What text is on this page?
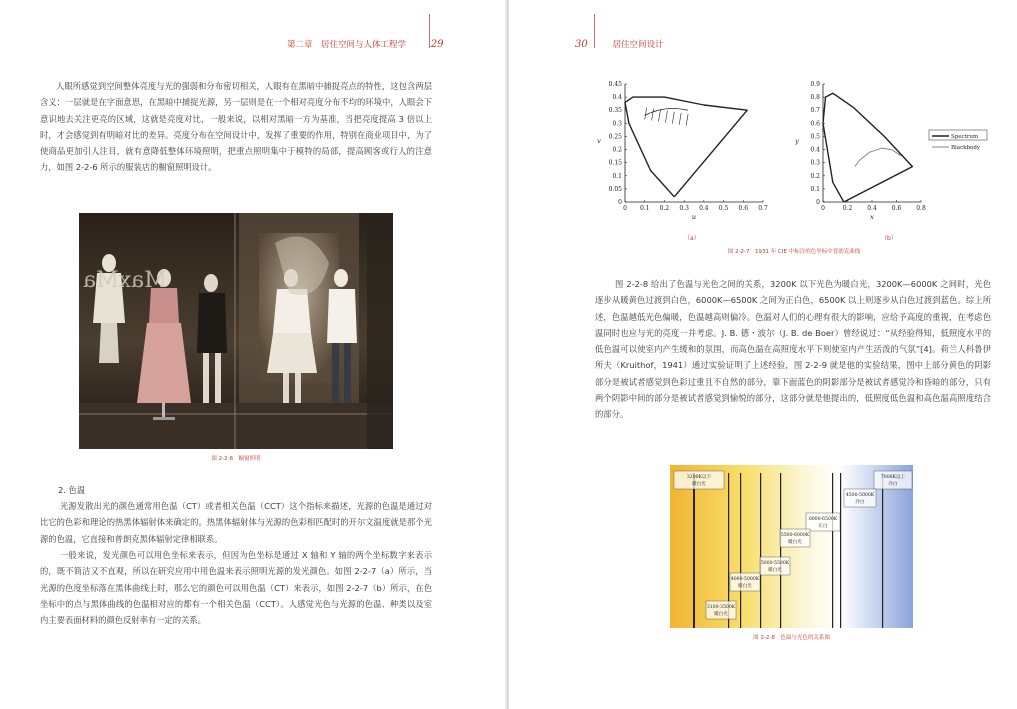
第二章　居住空间与人体工程学 29

人眼所感觉到空间整体亮度与光的强弱和分布密切相关，人眼有在黑暗中捕捉亮点的特性，这包含两层含义：一层就是在字面意思，在黑暗中捕捉光源，另一层则是在一个相对亮度分布不均的环境中，人眼会下意识地去关注更亮的区域，这就是亮度对比，一般来说，以相对黑暗一方为基准，当把亮度提高 3 倍以上时，才会感觉到有明暗对比的差异。亮度分布在空间设计中，发挥了重要的作用，特别在商业项目中，为了使商品更加引人注目，就有意降低整体环境照明，把重点照明集中于模特的局部，提高顾客或行人的注意力，如图 2-2-6 所示的服装店的橱窗照明设计。

MaxMa
图 2-2-6　橱窗照明
2. 色温

光源发散出光的颜色通常用色温（CT）或者相关色温（CCT）这个指标来描述，光源的色温是通过对比它的色彩和理论的热黑体辐射体来确定的。热黑体辐射体与光源的色彩相匹配时的开尔文温度就是那个光源的色温，它直接和普朗克黑体辐射定律相联系。

一般来说，发光颜色可以用色坐标来表示，但因为色坐标是通过 X 轴和 Y 轴的两个坐标数字来表示的，既不简洁又不直观，所以在研究应用中用色温来表示照明光源的发光颜色。如图 2-2-7（a）所示，当光源的色度坐标落在黑体曲线上时，那么它的颜色可以用色温（CT）来表示，如图 2-2-7（b）所示，在色坐标中的点与黑体曲线的色温相对应的都有一个相关色温（CCT）。人感觉光色与光源的色温、种类以及室内主要表面材料的颜色反射率有一定的关系。

30	居住空间设计
0 0.1 0.2 0.3 0.4 0.5 0.6 0.7
0
0.05
0.1
0.15
0.2
0.25
0.3
0.35
0.4
0.45
u
v
（a）
0	0.2 0.4 0.6 0.8
0
0.1
0.2
0.3
0.4
0.5
0.6
0.7
0.8
0.9
x
y	Spectrum
Blackbody
（b）
图 2-2-7　1931 年 CIE 中标注的色坐标中普朗克曲线

图 2-2-8 给出了色温与光色之间的关系，3200K 以下光色为暖白光，3200K—6000K 之间时，光色逐步从暖黄色过渡到白色，6000K—6500K 之间为正白色，6500K 以上则逐步从白色过渡到蓝色。综上所述，色温越低光色偏暖，色温越高则偏冷。色温对人们的心理有很大的影响，应给予高度的重视，在考虑色温同时也应与光的亮度一并考虑。J. B. 德・波尔（J. B. de Boer）曾经说过：“从经验得知，低照度水平的低色温可以使室内产生缓和的氛围，而高色温在高照度水平下则使室内产生活泼的气氛”[4]。荷兰人科鲁伊所夫（Kruithof，1941）通过实验证明了上述经验，图 2-2-9 就是他的实验结果，图中上部分黄色的阴影部分是被试者感觉到色彩过重且不自然的部分，靠下面蓝色的阴影部分是被试者感觉冷和昏暗的部分，只有两个阴影中间的部分是被试者感觉到愉悦的部分，这部分就是他提出的，低照度低色温和高色温高照度结合的部分。

3200K以下
暖白光
7000K以上
冷白
4500-5000K
冷白
6000-6500K
正白
5500-6000K
暖白光
5000-5500K
暖白光
4000-5000K
暖白光
3100-3500K
暖白光
图 2-2-8　色温与光色的关系图
